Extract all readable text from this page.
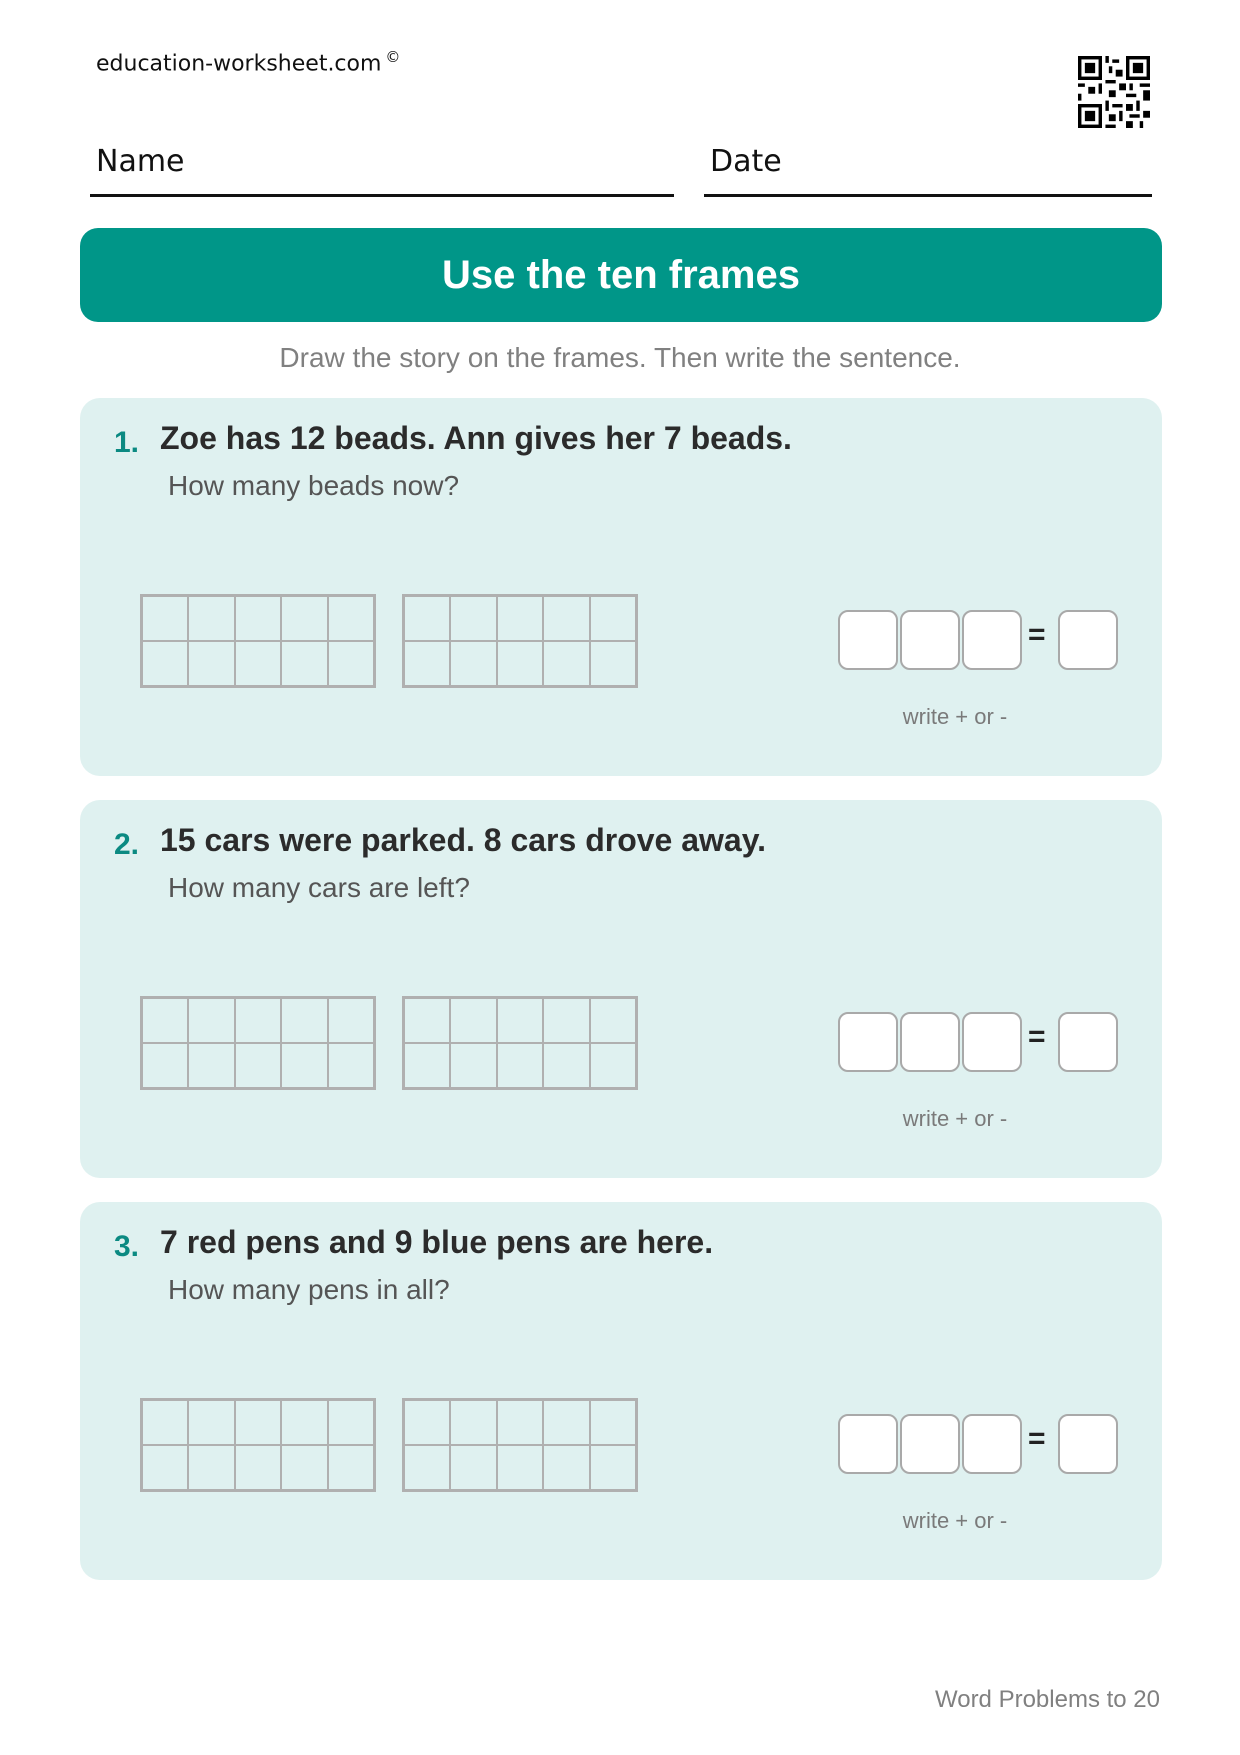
education-worksheet.com ©
Name	Date
Use the ten frames
Draw the story on the frames. Then write the sentence.
1. Zoe has 12 beads. Ann gives her 7 beads.
How many beads now?
=
write + or -
2. 15 cars were parked. 8 cars drove away.
How many cars are left?
=
write + or -
3. 7 red pens and 9 blue pens are here.
How many pens in all?
=
write + or -
Word Problems to 20
